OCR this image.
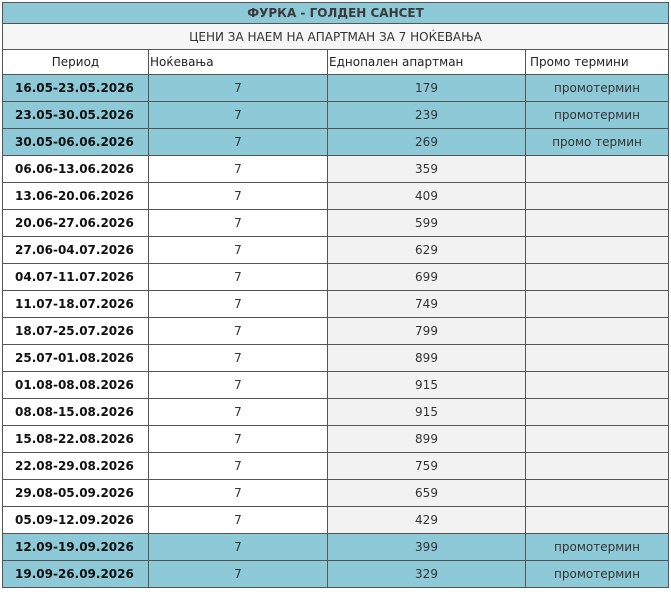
ФУРКА - ГОЛДЕН САНСЕТ			
ЦЕНИ ЗА НАЕМ НА АПАРТМАН ЗА 7 НОЌЕВАЊА			
Период	Ноќевања	Еднопален апартман	Промо термини
16.05-23.05.2026	7	179	промотермин
23.05-30.05.2026	7	239	промотермин
30.05-06.06.2026	7	269	промо термин
06.06-13.06.2026	7	359	
13.06-20.06.2026	7	409	
20.06-27.06.2026	7	599	
27.06-04.07.2026	7	629	
04.07-11.07.2026	7	699	
11.07-18.07.2026	7	749	
18.07-25.07.2026	7	799	
25.07-01.08.2026	7	899	
01.08-08.08.2026	7	915	
08.08-15.08.2026	7	915	
15.08-22.08.2026	7	899	
22.08-29.08.2026	7	759	
29.08-05.09.2026	7	659	
05.09-12.09.2026	7	429	
12.09-19.09.2026	7	399	промотермин
19.09-26.09.2026	7	329	промотермин
